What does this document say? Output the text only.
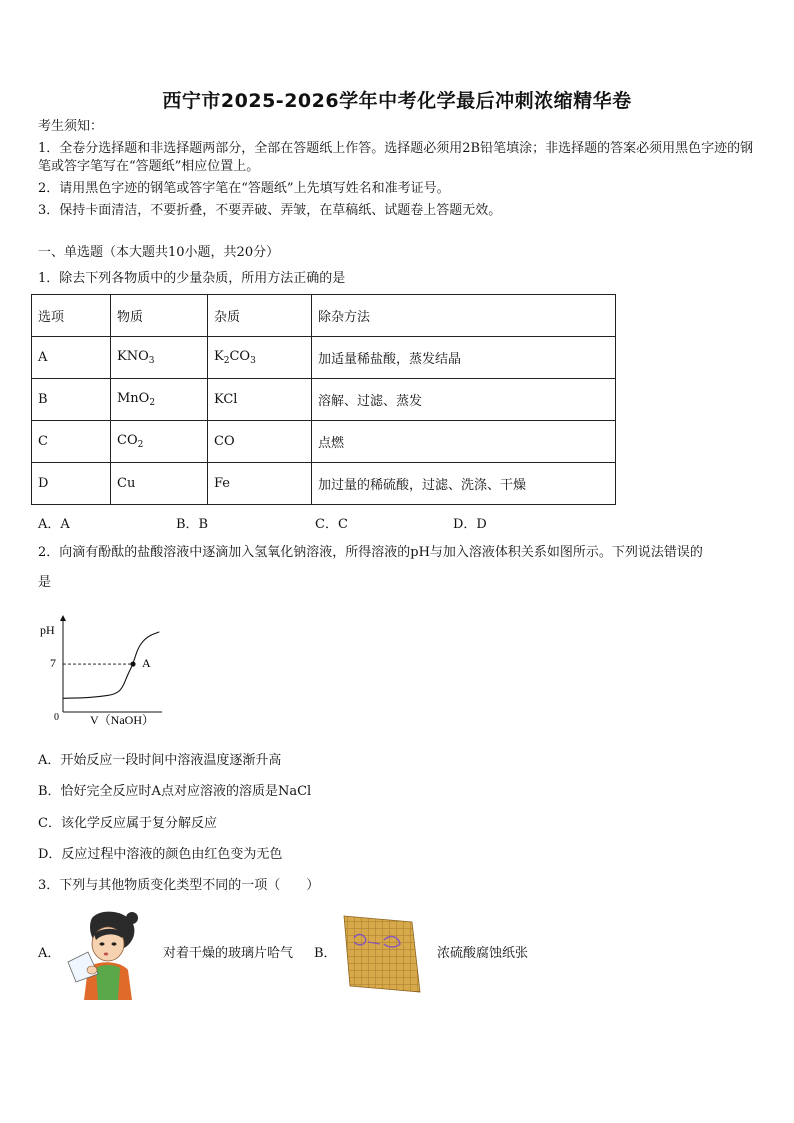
西宁市2025-2026学年中考化学最后冲刺浓缩精华卷
考生须知：
1．全卷分选择题和非选择题两部分，全部在答题纸上作答。选择题必须用2B铅笔填涂；非选择题的答案必须用黑色字迹的钢笔或答字笔写在“答题纸”相应位置上。
2．请用黑色字迹的钢笔或答字笔在“答题纸”上先填写姓名和准考证号。
3．保持卡面清洁，不要折叠，不要弄破、弄皱，在草稿纸、试题卷上答题无效。
一、单选题（本大题共10小题，共20分）
1．除去下列各物质中的少量杂质，所用方法正确的是
选项	物质	杂质	除杂方法
A	$KNO_3$	$K_2CO_3$	加适量稀盐酸，蒸发结晶
B	MnO$_2$	KCl	溶解、过滤、蒸发
C	$CO_2$	CO	点燃
D	Cu	Fe	加过量的稀硫酸，过滤、洗涤、干燥
A．A	B．B	C．C	D．D
2．向滴有酚酞的盐酸溶液中逐滴加入氢氧化钠溶液，所得溶液的pH与加入溶液体积关系如图所示。下列说法错误的
是
pH
7
0	V（NaOH）
A
A．开始反应一段时间中溶液温度逐渐升高
B．恰好完全反应时A点对应溶液的溶质是NaCl
C．该化学反应属于复分解反应
D．反应过程中溶液的颜色由红色变为无色
3．下列与其他物质变化类型不同的一项（　　）
A．	对着干燥的玻璃片哈气 B．	浓硫酸腐蚀纸张
